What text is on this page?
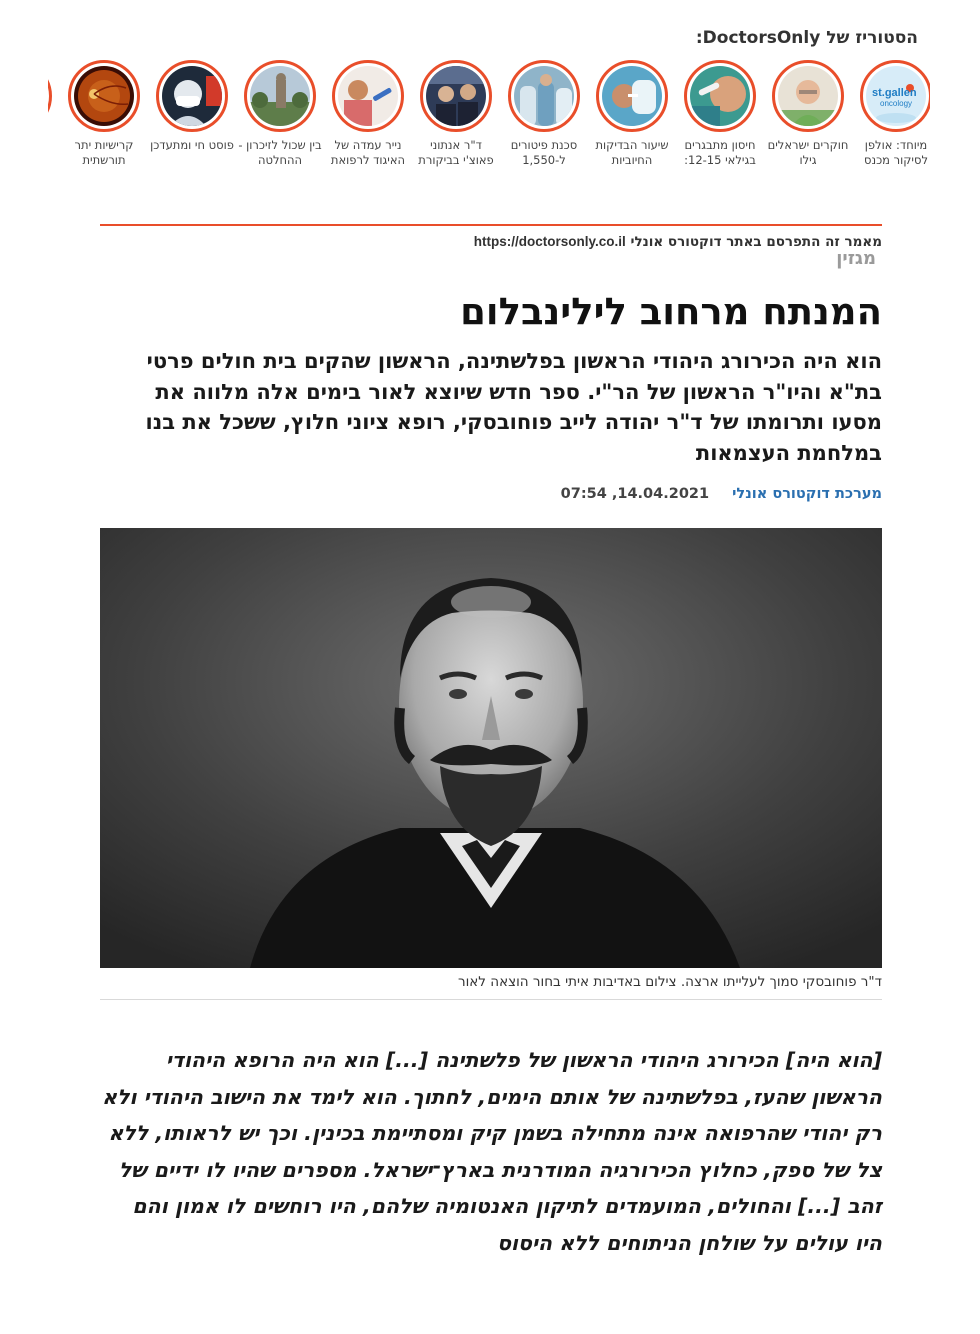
הסטוריז של DoctorsOnly:
st.gallen
oncology
מיוחד: אולפן לסיקור מכנס
חוקרים ישראלים גילו
חיסון מתבגרים בגילאי 12-15:
שיעור הבדיקות החיוביות
סכנת פיטורים ל-1,550
ד"ר אנתוני פאוצ'י בביקורת
נייר עמדה של האיגוד לרפואת
בין שכול לזיכרון - ההחלטה
פוסט חי ומתעדכן
קרישיות יתר תורשתית
מאמר זה התפרסם באתר דוקטורס אונלי https://doctorsonly.co.il
מגזין
המנתח מרחוב לילינבלום

הוא היה הכירורג היהודי הראשון בפלשתינה, הראשון שהקים בית חולים פרטי בת"א והיו"ר הראשון של הר"י. ספר חדש שיוצא לאור בימים אלה מלווה את מסעו ותרומתו של ד"ר יהודה לייב פוחובסקי, רופא ציוני חלוץ, ששכל את בנו במלחמת העצמאות

מערכת דוקטורס אונלי 14.04.2021, 07:54
ד"ר פוחובסקי סמוך לעלייתו ארצה. צילום באדיבות איתי בחור הוצאה לאור

[הוא היה] הכירורג היהודי הראשון של פלשתינה [...] הוא היה הרופא היהודי הראשון שהעז, בפלשתינה של אותם הימים, לחתוך. הוא לימד את הישוב היהודי ולא רק יהודי שהרפואה אינה מתחילה בשמן קיק ומסתיימת בכינין. וכך יש לראותו, ללא צל של ספק, כחלוץ הכירורגיה המודרנית בארץ־ישראל. מספרים שהיו לו ידיים של זהב [...] והחולים, המועמדים לתיקון האנטומיה שלהם, היו רוחשים לו אמון והם היו עולים על שולחן הניתוחים ללא היסוס
